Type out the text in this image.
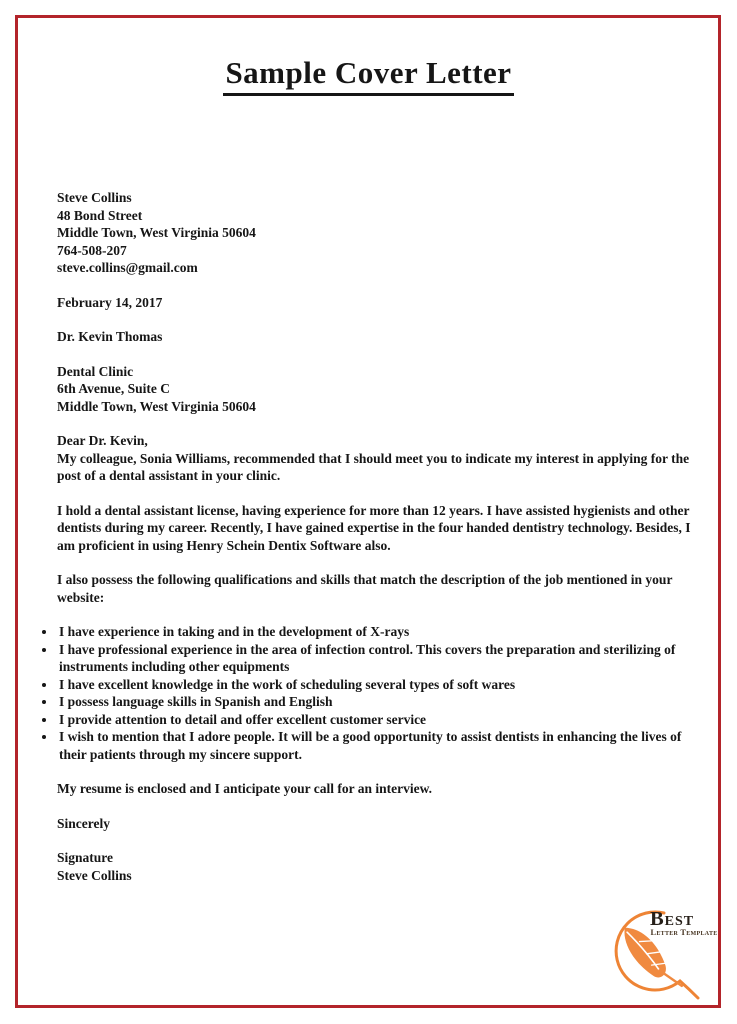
Sample Cover Letter
Steve Collins
48 Bond Street
Middle Town, West Virginia 50604
764-508-207
steve.collins@gmail.com
February 14, 2017
Dr. Kevin Thomas
Dental Clinic
6th Avenue, Suite C
Middle Town, West Virginia 50604
Dear Dr. Kevin,
My colleague, Sonia Williams, recommended that I should meet you to indicate my interest in applying for the post of a dental assistant in your clinic.

I hold a dental assistant license, having experience for more than 12 years. I have assisted hygienists and other dentists during my career. Recently, I have gained expertise in the four handed dentistry technology. Besides, I am proficient in using Henry Schein Dentix Software also.

I also possess the following qualifications and skills that match the description of the job mentioned in your website:

• I have experience in taking and in the development of X-rays
• I have professional experience in the area of infection control. This covers the preparation and sterilizing of instruments including other equipments
• I have excellent knowledge in the work of scheduling several types of soft wares
• I possess language skills in Spanish and English
• I provide attention to detail and offer excellent customer service
• I wish to mention that I adore people. It will be a good opportunity to assist dentists in enhancing the lives of their patients through my sincere support.

My resume is enclosed and I anticipate your call for an interview.

Sincerely

Signature
Steve Collins
Best
Letter Template
